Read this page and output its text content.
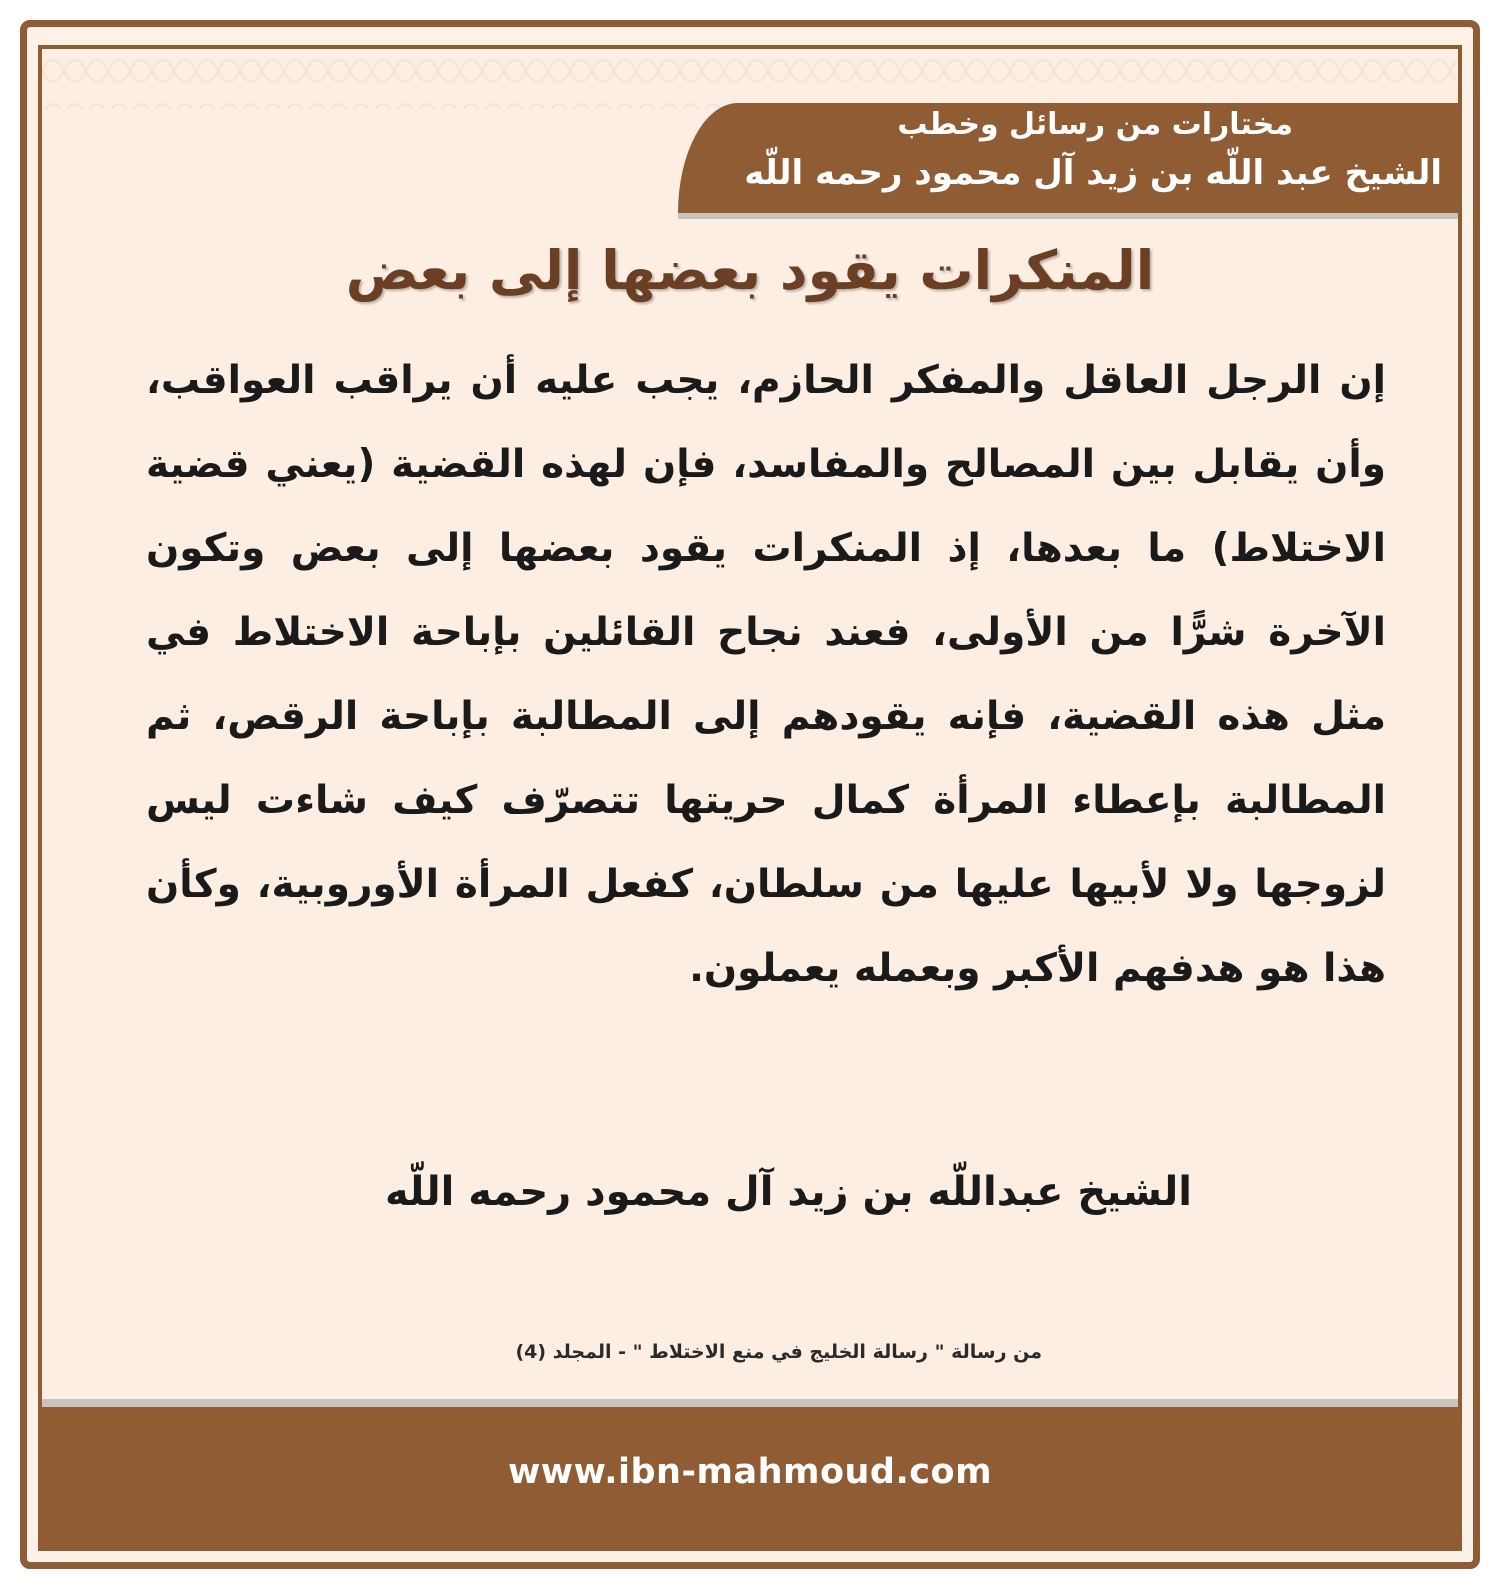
مختارات من رسائل وخطب
الشيخ عبد اللّه بن زيد آل محمود رحمه اللّه
المنكرات يقود بعضها إلى بعض
إن الرجل العاقل والمفكر الحازم، يجب عليه أن يراقب العواقب، وأن يقابل بين المصالح والمفاسد، فإن لهذه القضية (يعني قضية الاختلاط) ما بعدها، إذ المنكرات يقود بعضها إلى بعض وتكون الآخرة شرًّا من الأولى، فعند نجاح القائلين بإباحة الاختلاط في مثل هذه القضية، فإنه يقودهم إلى المطالبة بإباحة الرقص، ثم المطالبة بإعطاء المرأة كمال حريتها تتصرّف كيف شاءت ليس لزوجها ولا لأبيها عليها من سلطان، كفعل المرأة الأوروبية، وكأن هذا هو هدفهم الأكبر وبعمله يعملون.
الشيخ عبداللّه بن زيد آل محمود رحمه اللّه
من رسالة " رسالة الخليج في منع الاختلاط " - المجلد (4)
www.ibn-mahmoud.com
